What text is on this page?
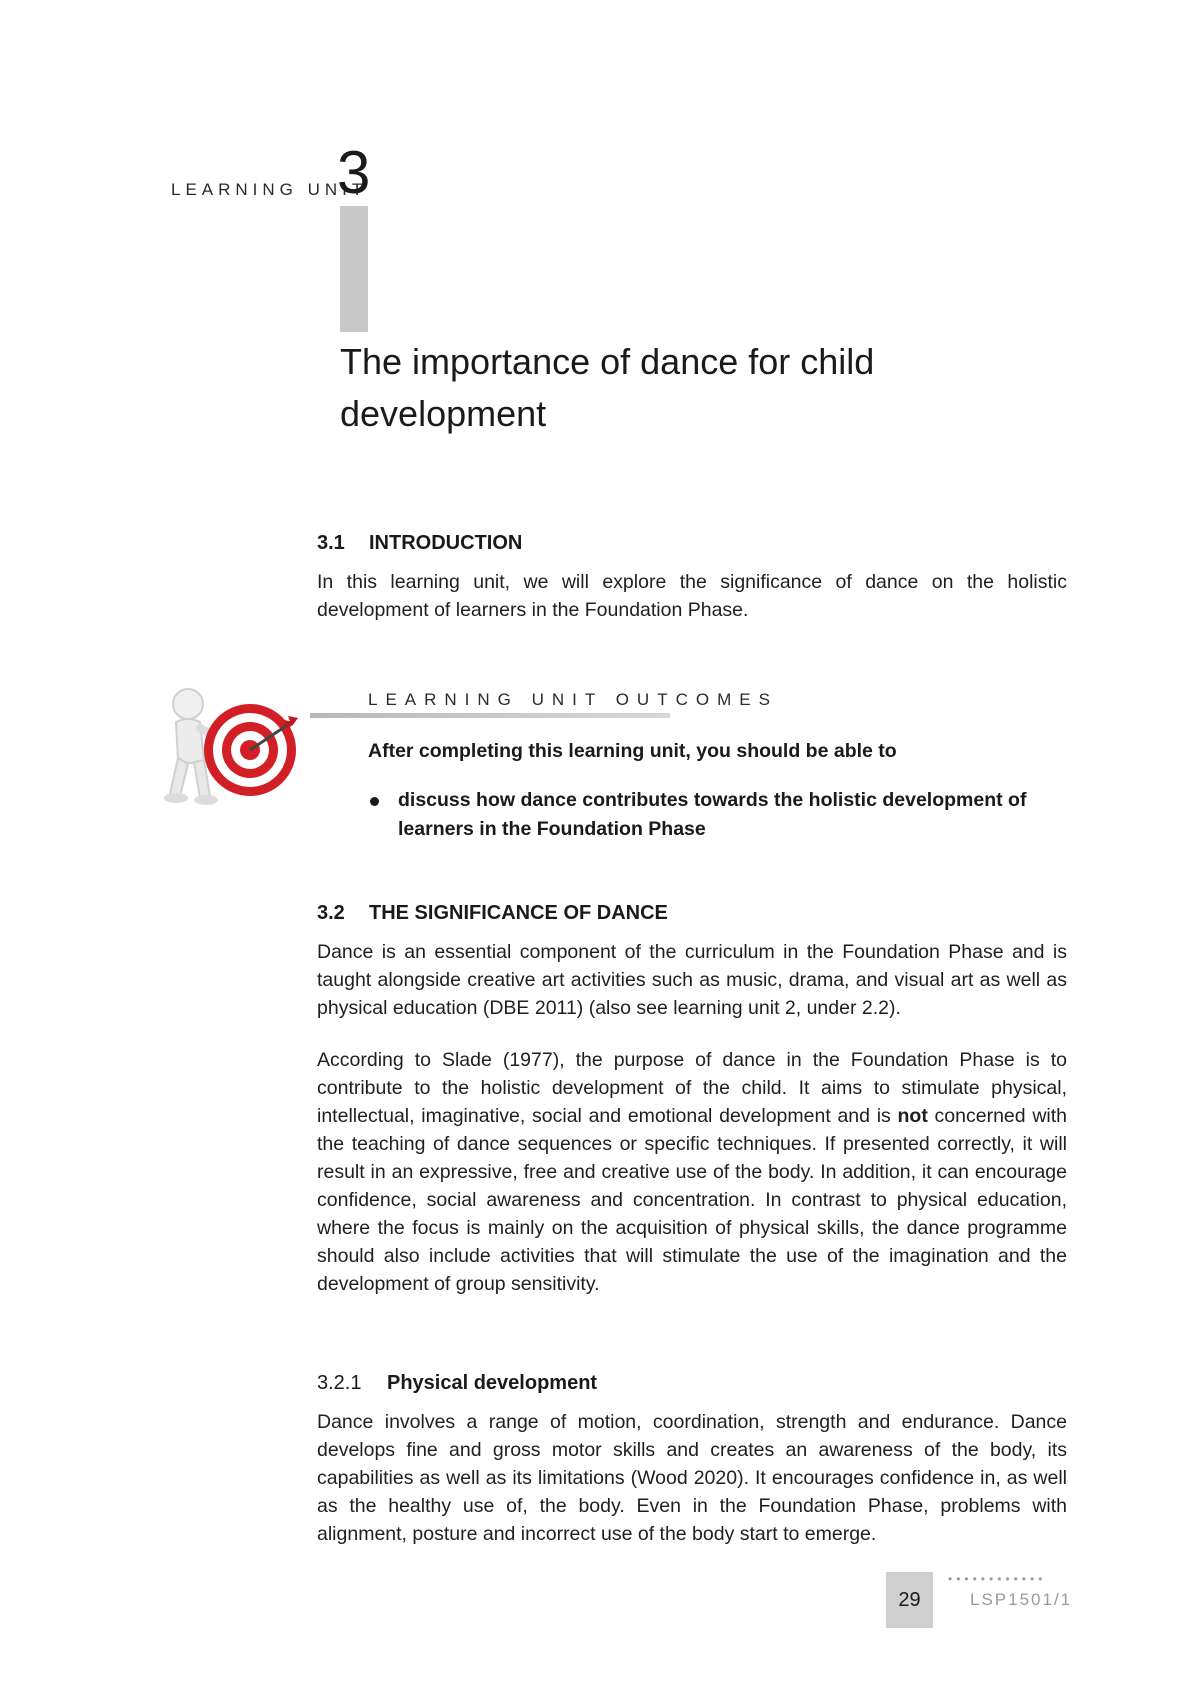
LEARNING UNIT
3
The importance of dance for child development
3.1 INTRODUCTION

In this learning unit, we will explore the significance of dance on the holistic development of learners in the Foundation Phase.

LEARNING UNIT OUTCOMES

After completing this learning unit, you should be able to

discuss how dance contributes towards the holistic development of learners in the Foundation Phase
3.2 THE SIGNIFICANCE OF DANCE

Dance is an essential component of the curriculum in the Foundation Phase and is taught alongside creative art activities such as music, drama, and visual art as well as physical education (DBE 2011) (also see learning unit 2, under 2.2).

According to Slade (1977), the purpose of dance in the Foundation Phase is to contribute to the holistic development of the child. It aims to stimulate physical, intellectual, imaginative, social and emotional development and is not concerned with the teaching of dance sequences or specific techniques. If presented correctly, it will result in an expressive, free and creative use of the body. In addition, it can encourage confidence, social awareness and concentration. In contrast to physical education, where the focus is mainly on the acquisition of physical skills, the dance programme should also include activities that will stimulate the use of the imagination and the development of group sensitivity.

3.2.1 Physical development

Dance involves a range of motion, coordination, strength and endurance. Dance develops fine and gross motor skills and creates an awareness of the body, its capabilities as well as its limitations (Wood 2020). It encourages confidence in, as well as the healthy use of, the body. Even in the Foundation Phase, problems with alignment, posture and incorrect use of the body start to emerge.

••••••••••••
29	LSP1501/1
